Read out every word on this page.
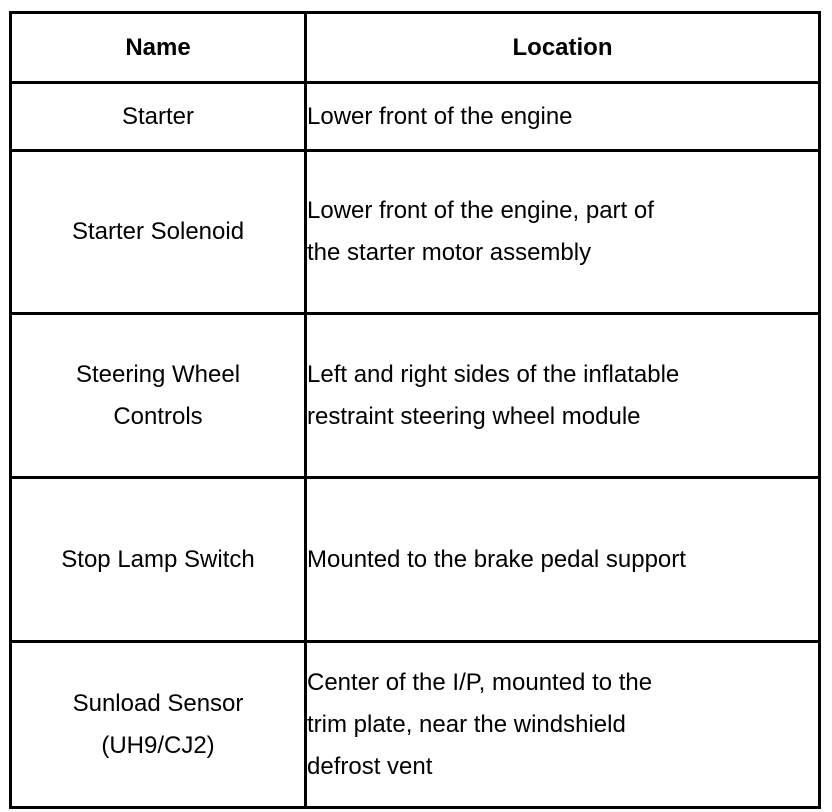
Name	Location

Starter	Lower front of the engine

Starter Solenoid	Lower front of the engine, part of
the starter motor assembly

Steering Wheel
Controls	Left and right sides of the inflatable
restraint steering wheel module

Stop Lamp Switch	Mounted to the brake pedal support

Sunload Sensor
(UH9/CJ2)	Center of the I/P, mounted to the
trim plate, near the windshield
defrost vent
